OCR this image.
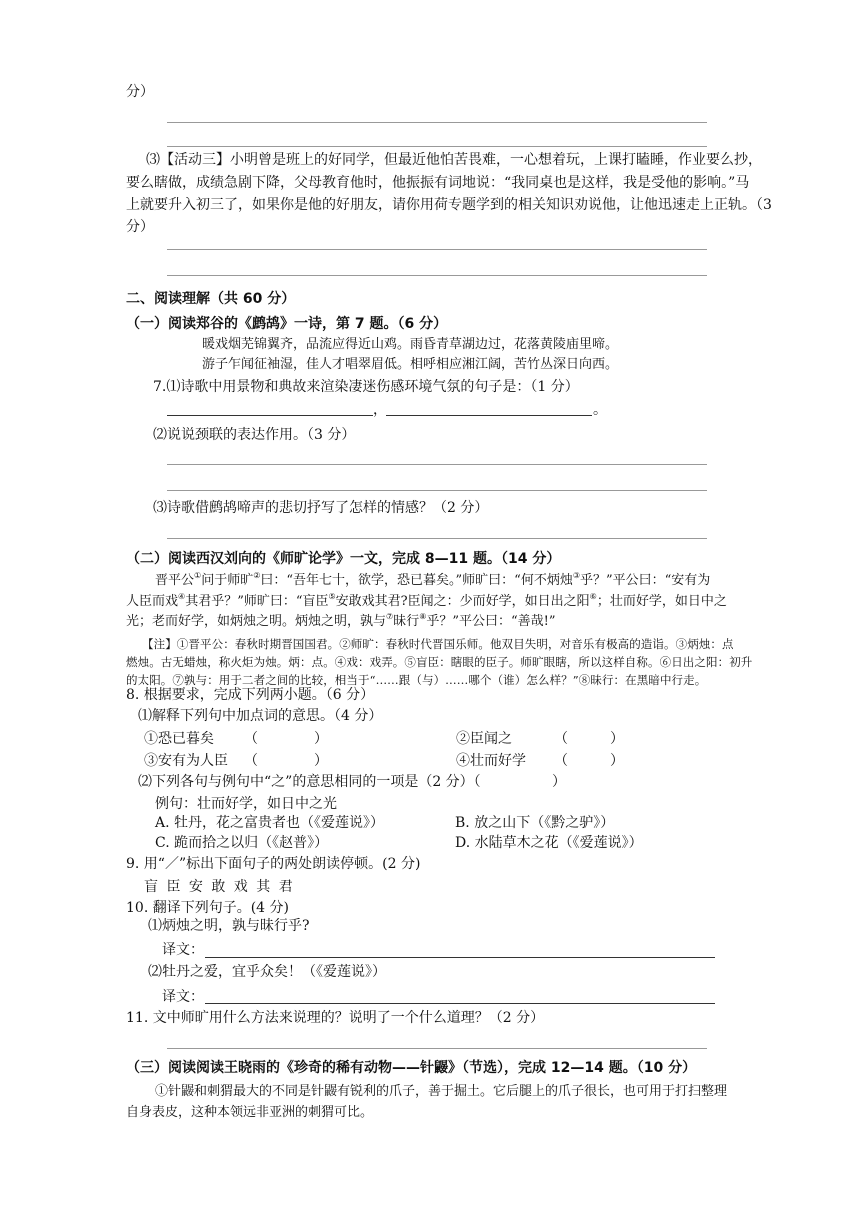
分）
⑶【活动三】小明曾是班上的好同学，但最近他怕苦畏难，一心想着玩，上课打瞌睡，作业要么抄，
要么瞎做，成绩急剧下降，父母教育他时，他振振有词地说：“我同桌也是这样，我是受他的影响。”马
上就要升入初三了，如果你是他的好朋友，请你用荷专题学到的相关知识劝说他，让他迅速走上正轨。（3
分）
二、阅读理解（共 60 分）
（一）阅读郑谷的《鹧鸪》一诗，第 7 题。（6 分）
暖戏烟芜锦翼齐，品流应得近山鸡。雨昏青草湖边过，花落黄陵庙里啼。
游子乍闻征袖湿，佳人才唱翠眉低。相呼相应湘江阔，苦竹丛深日向西。
7.⑴诗歌中用景物和典故来渲染凄迷伤感环境气氛的句子是：（1 分）
，	。
⑵说说颈联的表达作用。（3 分）
⑶诗歌借鹧鸪啼声的悲切抒写了怎样的情感？（2 分）
（二）阅读西汉刘向的《师旷论学》一文，完成 8—11 题。（14 分）
晋平公①问于师旷②曰：“吾年七十，欲学，恐已暮矣。”师旷曰：“何不炳烛③乎？”平公曰：“安有为
人臣而戏④其君乎？”师旷曰：“盲臣⑤安敢戏其君?臣闻之：少而好学，如日出之阳⑥；壮而好学，如日中之
光；老而好学，如炳烛之明。炳烛之明，孰与⑦昧行⑧乎？”平公曰：“善哉!”
【注】①晋平公：春秋时期晋国国君。②师旷：春秋时代晋国乐师。他双目失明，对音乐有极高的造诣。③炳烛：点
燃烛。古无蜡烛，称火炬为烛。炳：点。④戏：戏弄。⑤盲臣：瞎眼的臣子。师旷眼瞎，所以这样自称。⑥日出之阳：初升
的太阳。⑦孰与：用于二者之间的比较，相当于“……跟（与）……哪个（谁）怎么样？”⑧昧行：在黑暗中行走。
8. 根据要求，完成下列两小题。（6 分）
⑴解释下列句中加点词的意思。（4 分）
①恐已暮矣 （	）	②臣闻之	（	）
③安有为人臣 （	）	④壮而好学 （	）
⑵下列各句与例句中“之”的意思相同的一项是（2 分）（	）
例句：壮而好学，如日中之光
A. 牡丹，花之富贵者也（《爱莲说》）	B. 放之山下（《黔之驴》）
C. 跪而拾之以归（《赵普》）	D. 水陆草木之花（《爱莲说》）
9. 用“／”标出下面句子的两处朗读停顿。(2 分)
盲 臣 安 敢 戏 其 君
10. 翻译下列句子。(4 分)
⑴炳烛之明，孰与昧行乎?
译文：
⑵牡丹之爱，宜乎众矣！（《爱莲说》）
译文：
11. 文中师旷用什么方法来说理的？说明了一个什么道理？（2 分）
（三）阅读阅读王晓雨的《珍奇的稀有动物——针鼹》（节选），完成 12—14 题。（10 分）
①针鼹和刺猬最大的不同是针鼹有锐利的爪子，善于掘土。它后腿上的爪子很长，也可用于打扫整理
自身表皮，这种本领远非亚洲的刺猬可比。
